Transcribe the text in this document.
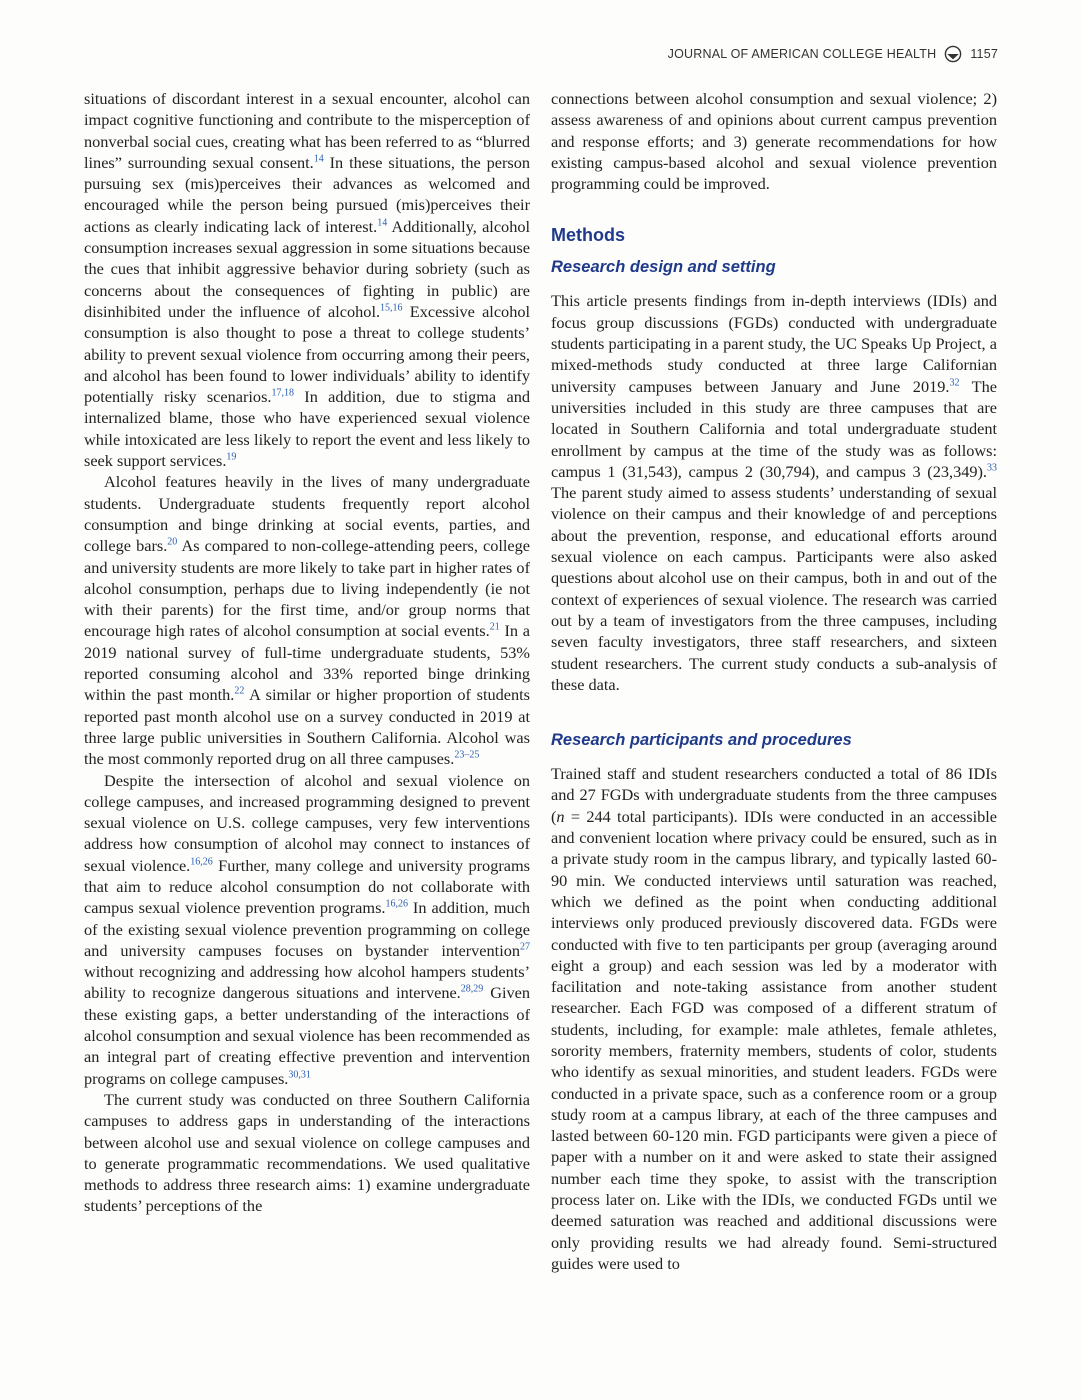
JOURNAL OF AMERICAN COLLEGE HEALTH	1157

situations of discordant interest in a sexual encounter, alcohol can impact cognitive functioning and contribute to the misperception of nonverbal social cues, creating what has been referred to as “blurred lines” surrounding sexual consent.$^{14}$ In these situations, the person pursuing sex (mis)perceives their advances as welcomed and encouraged while the person being pursued (mis)perceives their actions as clearly indicating lack of interest.$^{14}$ Additionally, alcohol consumption increases sexual aggression in some situations because the cues that inhibit aggressive behavior during sobriety (such as concerns about the consequences of fighting in public) are disinhibited under the influence of alcohol.$^{15,16}$ Excessive alcohol consumption is also thought to pose a threat to college students’ ability to prevent sexual violence from occurring among their peers, and alcohol has been found to lower individuals’ ability to identify potentially risky scenarios.$^{17,18}$ In addition, due to stigma and internalized blame, those who have experienced sexual violence while intoxicated are less likely to report the event and less likely to seek support services.$^{19}$

Alcohol features heavily in the lives of many undergraduate students. Undergraduate students frequently report alcohol consumption and binge drinking at social events, parties, and college bars.$^{20}$ As compared to non-college-attending peers, college and university students are more likely to take part in higher rates of alcohol consumption, perhaps due to living independently (ie not with their parents) for the first time, and/or group norms that encourage high rates of alcohol consumption at social events.$^{21}$ In a 2019 national survey of full-time undergraduate students, 53% reported consuming alcohol and 33% reported binge drinking within the past month.$^{22}$ A similar or higher proportion of students reported past month alcohol use on a survey conducted in 2019 at three large public universities in Southern California. Alcohol was the most commonly reported drug on all three campuses.$^{23-25}$

Despite the intersection of alcohol and sexual violence on college campuses, and increased programming designed to prevent sexual violence on U.S. college campuses, very few interventions address how consumption of alcohol may connect to instances of sexual violence.$^{16,26}$ Further, many college and university programs that aim to reduce alcohol consumption do not collaborate with campus sexual violence prevention programs.$^{16,26}$ In addition, much of the existing sexual violence prevention programming on college and university campuses focuses on bystander intervention$^{27}$ without recognizing and addressing how alcohol hampers students’ ability to recognize dangerous situations and intervene.$^{28,29}$ Given these existing gaps, a better understanding of the interactions of alcohol consumption and sexual violence has been recommended as an integral part of creating effective prevention and intervention programs on college campuses.$^{30,31}$

The current study was conducted on three Southern California campuses to address gaps in understanding of the interactions between alcohol use and sexual violence on college campuses and to generate programmatic recommendations. We used qualitative methods to address three research aims: 1) examine undergraduate students’ perceptions of the

connections between alcohol consumption and sexual violence; 2) assess awareness of and opinions about current campus prevention and response efforts; and 3) generate recommendations for how existing campus-based alcohol and sexual violence prevention programming could be improved.

Methods
Research design and setting

This article presents findings from in-depth interviews (IDIs) and focus group discussions (FGDs) conducted with undergraduate students participating in a parent study, the UC Speaks Up Project, a mixed-methods study conducted at three large Californian university campuses between January and June 2019.32 The universities included in this study are three campuses that are located in Southern California and total undergraduate student enrollment by campus at the time of the study was as follows: campus 1 (31,543), campus 2 (30,794), and campus 3 (23,349).$^{33}$ The parent study aimed to assess students’ understanding of sexual violence on their campus and their knowledge of and perceptions about the prevention, response, and educational efforts around sexual violence on each campus. Participants were also asked questions about alcohol use on their campus, both in and out of the context of experiences of sexual violence. The research was carried out by a team of investigators from the three campuses, including seven faculty investigators, three staff researchers, and sixteen student researchers. The current study conducts a sub-analysis of these data.

Research participants and procedures

Trained staff and student researchers conducted a total of 86 IDIs and 27 FGDs with undergraduate students from the three campuses (n = 244 total participants). IDIs were conducted in an accessible and convenient location where privacy could be ensured, such as in a private study room in the campus library, and typically lasted 60-90 min. We conducted interviews until saturation was reached, which we defined as the point when conducting additional interviews only produced previously discovered data. FGDs were conducted with five to ten participants per group (averaging around eight a group) and each session was led by a moderator with facilitation and note-taking assistance from another student researcher. Each FGD was composed of a different stratum of students, including, for example: male athletes, female athletes, sorority members, fraternity members, students of color, students who identify as sexual minorities, and student leaders. FGDs were conducted in a private space, such as a conference room or a group study room at a campus library, at each of the three campuses and lasted between 60-120 min. FGD participants were given a piece of paper with a number on it and were asked to state their assigned number each time they spoke, to assist with the transcription process later on. Like with the IDIs, we conducted FGDs until we deemed saturation was reached and additional discussions were only providing results we had already found. Semi-structured guides were used to
